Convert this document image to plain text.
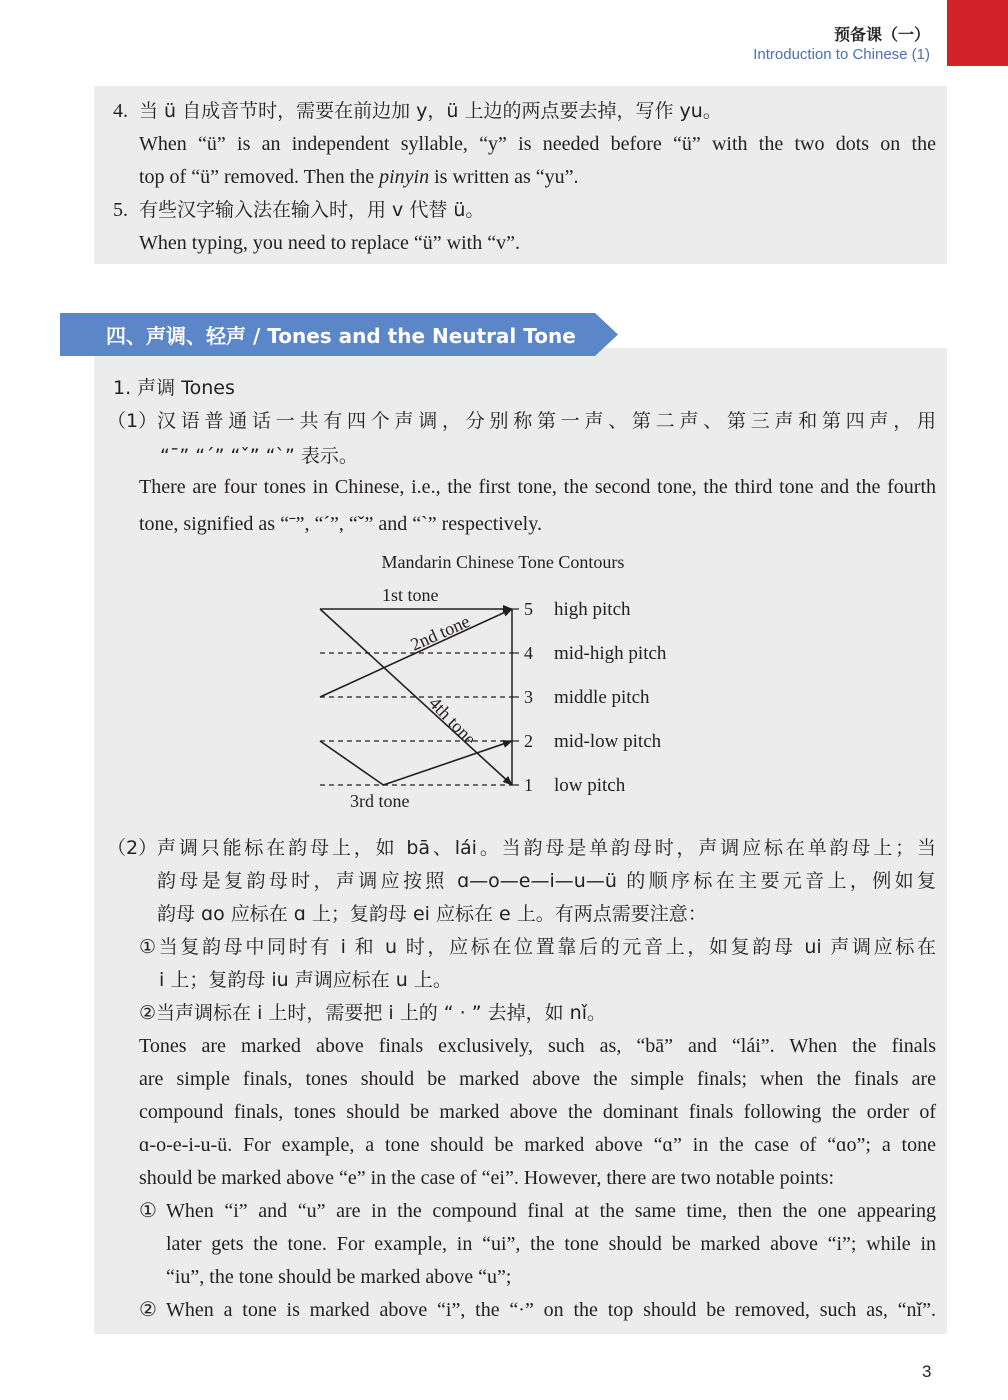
预备课（一）
Introduction to Chinese (1)
4. 当 ü 自成音节时，需要在前边加 y，ü 上边的两点要去掉，写作 yu。
When “ü” is an independent syllable, “y” is needed before “ü” with the two dots on the
top of “ü” removed. Then the pinyin is written as “yu”.
5. 有些汉字输入法在输入时，用 v 代替 ü。
When typing, you need to replace “ü” with “v”.
四、声调、轻声 / Tones and the Neutral Tone
1. 声调 Tones
（1） 汉语普通话一共有四个声调，分别称第一声、第二声、第三声和第四声，用
“ˉ” “ˊ” “ˇ” “ˋ” 表示。
There are four tones in Chinese, i.e., the first tone, the second tone, the third tone and the fourth
tone, signified as “ˉ”, “ˊ”, “ˇ” and “ˋ” respectively.
Mandarin Chinese Tone Contours
5 high pitch
4 mid-high pitch
3 middle pitch
2 mid-low pitch
1 low pitch
1st tone
2nd tone
4th tone
3rd tone
（2） 声调只能标在韵母上，如 bā、lái。当韵母是单韵母时，声调应标在单韵母上；当
韵母是复韵母时，声调应按照 ɑ—o—e—i—u—ü 的顺序标在主要元音上，例如复
韵母 ɑo 应标在 ɑ 上；复韵母 ei 应标在 e 上。有两点需要注意：
①当复韵母中同时有 i 和 u 时，应标在位置靠后的元音上，如复韵母 ui 声调应标在
i 上；复韵母 iu 声调应标在 u 上。
②当声调标在 i 上时，需要把 i 上的 “ · ” 去掉，如 nǐ。
Tones are marked above finals exclusively, such as, “bā” and “lái”. When the finals
are simple finals, tones should be marked above the simple finals; when the finals are
compound finals, tones should be marked above the dominant finals following the order of
ɑ-o-e-i-u-ü. For example, a tone should be marked above “ɑ” in the case of “ɑo”; a tone
should be marked above “e” in the case of “ei”. However, there are two notable points:
① When “i” and “u” are in the compound final at the same time, then the one appearing
later gets the tone. For example, in “ui”, the tone should be marked above “i”; while in
“iu”, the tone should be marked above “u”;
② When a tone is marked above “i”, the “·” on the top should be removed, such as, “nǐ”.
3
